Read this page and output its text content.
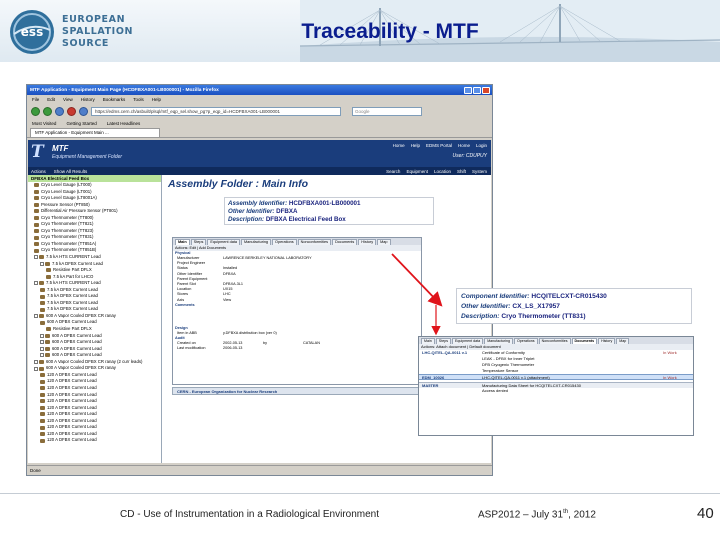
ess
EUROPEAN
SPALLATION
SOURCE
Traceability - MTF
MTF Application - Equipment Main Page (HCDFBXA001-LB000001) - Mozilla Firefox
File Edit View History Bookmarks Tools Help
https://edms.cern.ch/asbuilt/plsql/mtf_eqp_sel.show_pg?p_eqp_id=HCDFBXA001-LB000001	Google
Most Visited Getting Started Latest Headlines
MTF Application - Equipment Main ...
T MTF
Equipment Management Folder
Home Help EDMS Portal Home Login
User: CDUPUY
Actions Show All Results	Search Equipment Location Shift System
DFBXA Electrical Feed Box
Cryo Level Gauge (LT000)
Cryo Level Gauge (LT001)
Cryo Level Gauge (LT8001A)
Pressure Sensor (PT850)
Differential Air Pressure Sensor (PT801)
Cryo Thermometer (TT800)
Cryo Thermometer (TT821)
Cryo Thermometer (TT823)
Cryo Thermometer (TT831)
Cryo Thermometer (TT851A)
Cryo Thermometer (TT851B)
7.5 kA HTS CURRENT Lead
7.5 kA DFBX Current Lead
Resistive Part DFLX
7.5 kA Part for LHCO
7.5 kA HTS CURRENT Lead
7.5 kA DFBX Current Lead
7.5 kA DFBX Current Lead
7.5 kA DFBX Current Lead
7.5 kA DFBX Current Lead
600 A Vapor Cooled DFBX CR ranay
600 A DFBX Current Lead
Resistive Part DFLX
600 A DFBX Current Lead
600 A DFBX Current Lead
600 A DFBX Current Lead
600 A DFBX Current Lead
600 A Vapor Cooled DFBX CR ranay (2 curr leads)
600 A Vapor Cooled DFBX CR ranay
120 A DFBX Current Lead
120 A DFBX Current Lead
120 A DFBX Current Lead
120 A DFBX Current Lead
120 A DFBX Current Lead
120 A DFBX Current Lead
120 A DFBX Current Lead
120 A DFBX Current Lead
120 A DFBX Current Lead
120 A DFBX Current Lead
120 A DFBX Current Lead
Assembly Folder : Main Info
Assembly Identifier: HCDFBXA001-LB000001
Other Identifier: DFBXA
Description: DFBXA Electrical Feed Box
Main	Steps	Equipment data	Manufacturing	Operations	Nonconformities	Documents	History	Map
Actions: Edit | Add Documents
Physical
Manufacturer	LAWRENCE BERKELEY NATIONAL LABORATORY
Project Engineer
Status	Installed
Other Identifier	DFBXA
Parent Equipment
Parent Slot	DFBXA.3L1
Location	UX15
Stores	LHC
Axis	View
Comments
Design
Item in ABB	y.DFBXA distribution box (ver 0)
Audit
Created on	2002-05-13	by	CATALAN
Last modification	2006-05-13
CERN - European Organization for Nuclear Research
Done
Component Identifier: HCQITELCXT-CR015430
Other Identifier: CX_LS_X17957
Description: Cryo Thermometer (TT831)
Main	Steps	Equipment data	Manufacturing	Operations	Nonconformities	Documents	History	Map
Actions: Attach document | Default document
LHC-QITEL-QA-0011 v.1	Certificate of Conformity	In Work
LEAK - DFBX for Inner Triplet
DFB Cryogenic Thermometer
Temperature Sensor
EDM_10026	LHC-QITEL-QA-0011 v.1 (attachment)	In Work
MA5TER	Manufacturing Data Sheet for HCQITELCXT-CR015430
Access denied
CD - Use of Instrumentation in a Radiological Environment	ASP2012 – July 31th, 2012	40
